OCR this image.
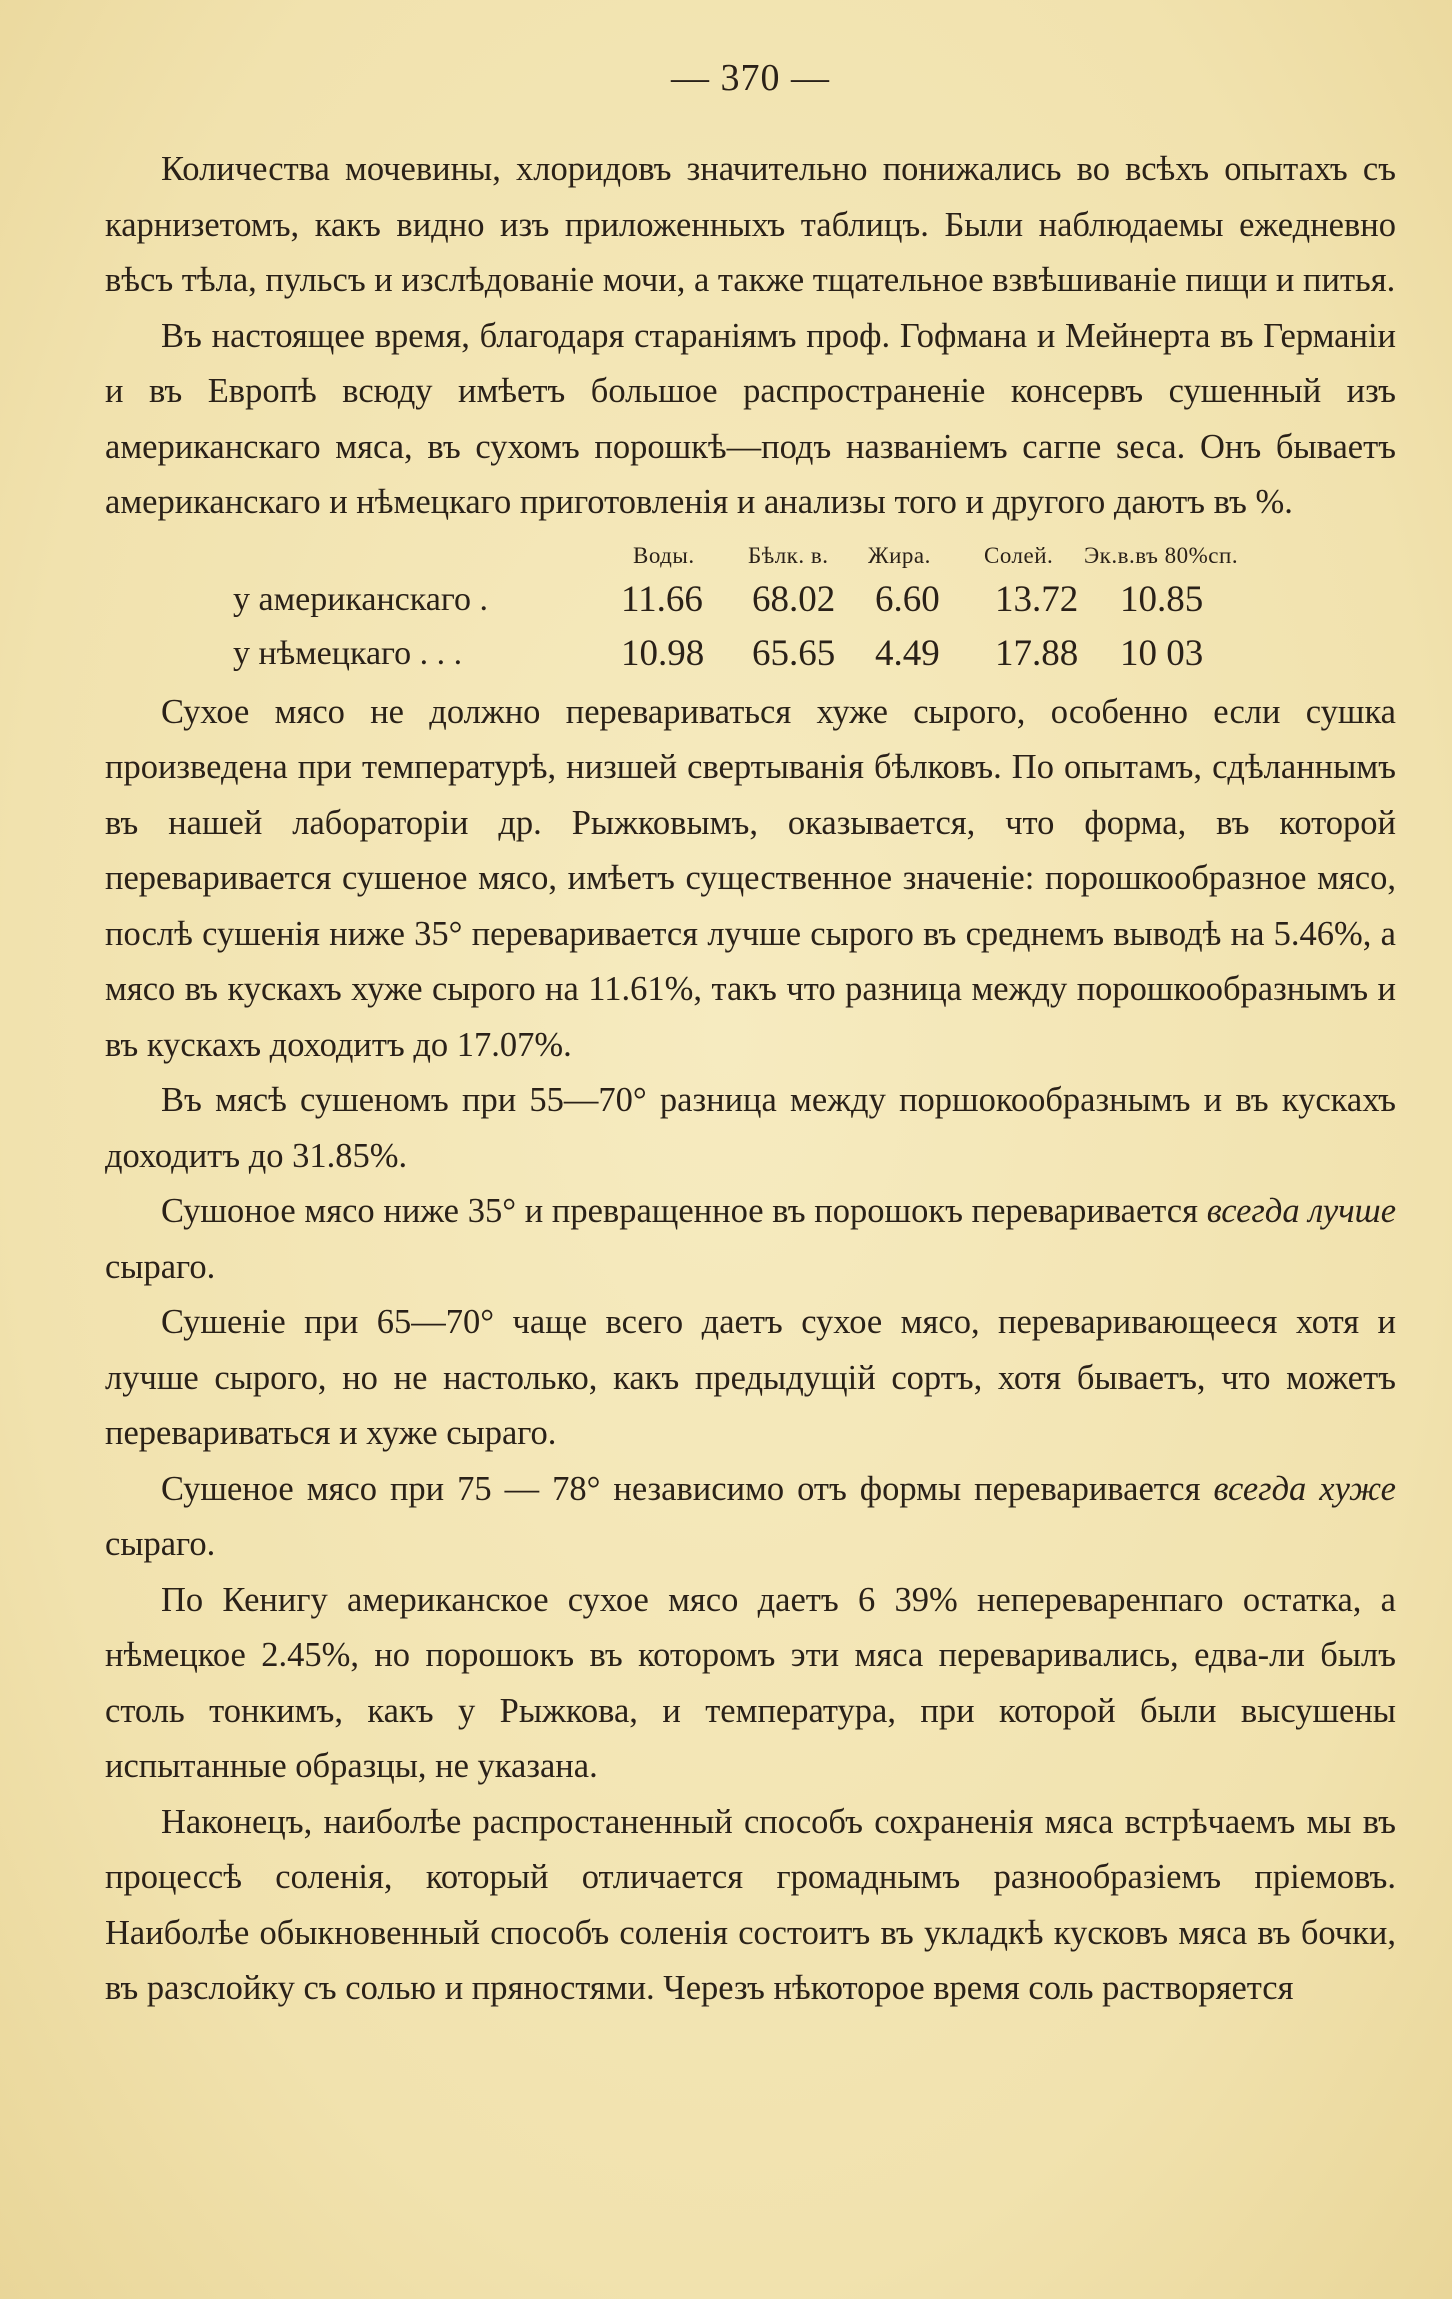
— 370 —

Количества мочевины, хлоридовъ значительно понижались во всѣхъ опытахъ съ карнизетомъ, какъ видно изъ приложенныхъ таблицъ. Были наблюдаемы ежедневно вѣсъ тѣла, пульсъ и изслѣдованіе мочи, а также тщательное взвѣшиваніе пищи и питья.

Въ настоящее время, благодаря стараніямъ проф. Гофмана и Мейнерта въ Германіи и въ Европѣ всюду имѣетъ большое распространеніе консервъ сушенный изъ американскаго мяса, въ сухомъ порошкѣ—подъ названіемъ сагпе ѕеса. Онъ бываетъ американскаго и нѣмецкаго приготовленія и анализы того и другого даютъ въ %.

Воды. Бѣлк. в. Жира. Солей. Эк.в.въ 80%сп.
у американскаго .	11.66 68.02 6.60 13.72 10.85
у нѣмецкаго . . .	10.98 65.65 4.49 17.88 10 03

Сухое мясо не должно перевариваться хуже сырого, особенно если сушка произведена при температурѣ, низшей свертыванія бѣлковъ. По опытамъ, сдѣланнымъ въ нашей лабораторіи др. Рыжковымъ, оказывается, что форма, въ которой переваривается сушеное мясо, имѣетъ существенное значеніе: порошкообразное мясо, послѣ сушенія ниже 35° переваривается лучше сырого въ среднемъ выводѣ на 5.46%, а мясо въ кускахъ хуже сырого на 11.61%, такъ что разница между порошкообразнымъ и въ кускахъ доходитъ до 17.07%.

Въ мясѣ сушеномъ при 55—70° разница между поршокообразнымъ и въ кускахъ доходитъ до 31.85%.

Сушоное мясо ниже 35° и превращенное въ порошокъ переваривается всегда лучше сыраго.

Сушеніе при 65—70° чаще всего даетъ сухое мясо, переваривающееся хотя и лучше сырого, но не настолько, какъ предыдущій сортъ, хотя бываетъ, что можетъ перевариваться и хуже сыраго.

Сушеное мясо при 75 — 78° независимо отъ формы переваривается всегда хуже сыраго.

По Кенигу американское сухое мясо даетъ 6 39% непереваренпаго остатка, а нѣмецкое 2.45%, но порошокъ въ которомъ эти мяса переваривались, едва-ли былъ столь тонкимъ, какъ у Рыжкова, и температура, при которой были высушены испытанные образцы, не указана.

Наконецъ, наиболѣе распростаненный способъ сохраненія мяса встрѣчаемъ мы въ процессѣ соленія, который отличается громаднымъ разнообразіемъ пріемовъ. Наиболѣе обыкновенный способъ соленія состоитъ въ укладкѣ кусковъ мяса въ бочки, въ разслойку съ солью и пряностями. Черезъ нѣкоторое время соль растворяется
